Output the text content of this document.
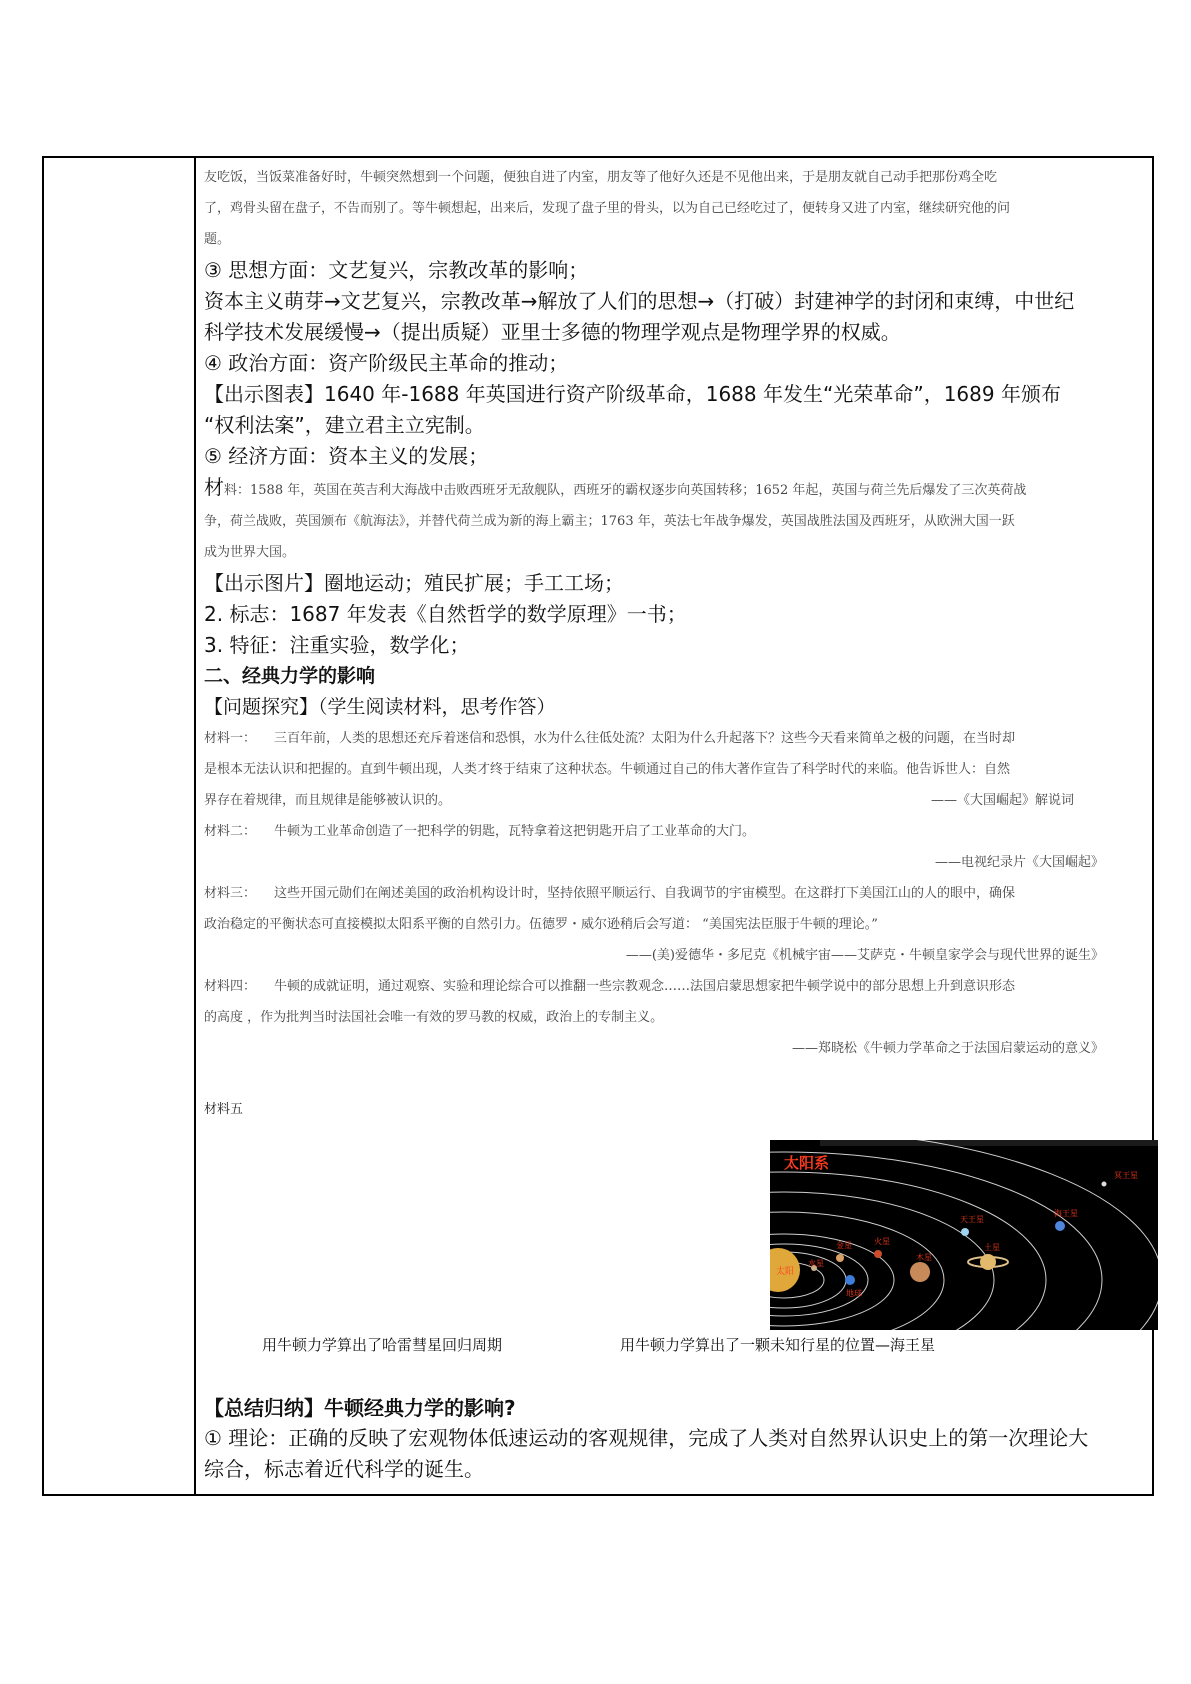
友吃饭，当饭菜准备好时，牛顿突然想到一个问题，便独自进了内室，朋友等了他好久还是不见他出来，于是朋友就自己动手把那份鸡全吃
了，鸡骨头留在盘子，不告而别了。等牛顿想起，出来后，发现了盘子里的骨头，以为自己已经吃过了，便转身又进了内室，继续研究他的问
题。
③ 思想方面：文艺复兴，宗教改革的影响；
资本主义萌芽→文艺复兴，宗教改革→解放了人们的思想→（打破）封建神学的封闭和束缚，中世纪
科学技术发展缓慢→（提出质疑）亚里士多德的物理学观点是物理学界的权威。
④ 政治方面：资产阶级民主革命的推动；
【出示图表】1640 年-1688 年英国进行资产阶级革命，1688 年发生“光荣革命”，1689 年颁布
“权利法案”，建立君主立宪制。
⑤ 经济方面：资本主义的发展；
材料：1588 年，英国在英吉利大海战中击败西班牙无敌舰队，西班牙的霸权逐步向英国转移；1652 年起，英国与荷兰先后爆发了三次英荷战
争，荷兰战败，英国颁布《航海法》，并替代荷兰成为新的海上霸主；1763 年，英法七年战争爆发，英国战胜法国及西班牙，从欧洲大国一跃
成为世界大国。
【出示图片】圈地运动；殖民扩展；手工工场；
2. 标志：1687 年发表《自然哲学的数学原理》一书；
3. 特征：注重实验，数学化；
二、经典力学的影响
【问题探究】（学生阅读材料，思考作答）
材料一： 三百年前，人类的思想还充斥着迷信和恐惧，水为什么往低处流？太阳为什么升起落下？这些今天看来简单之极的问题，在当时却
是根本无法认识和把握的。直到牛顿出现，人类才终于结束了这种状态。牛顿通过自己的伟大著作宣告了科学时代的来临。他告诉世人：自然
界存在着规律，而且规律是能够被认识的。	——《大国崛起》解说词
材料二： 牛顿为工业革命创造了一把科学的钥匙，瓦特拿着这把钥匙开启了工业革命的大门。
——电视纪录片《大国崛起》
材料三： 这些开国元勋们在阐述美国的政治机构设计时，坚持依照平顺运行、自我调节的宇宙模型。在这群打下美国江山的人的眼中，确保
政治稳定的平衡状态可直接模拟太阳系平衡的自然引力。伍德罗・威尔逊稍后会写道： “美国宪法臣服于牛顿的理论。”
——(美)爱德华・多尼克《机械宇宙——艾萨克・牛顿皇家学会与现代世界的诞生》
材料四： 牛顿的成就证明，通过观察、实验和理论综合可以推翻一些宗教观念……法国启蒙思想家把牛顿学说中的部分思想上升到意识形态
的高度 ，作为批判当时法国社会唯一有效的罗马教的权威，政治上的专制主义。
——郑晓松《牛顿力学革命之于法国启蒙运动的意义》
材料五
太阳系
太阳
水星
金星
地球
火星
木星
土星
天王星
海王星
冥王星
用牛顿力学算出了哈雷彗星回归周期	用牛顿力学算出了一颗未知行星的位置—海王星
【总结归纳】牛顿经典力学的影响?
① 理论：正确的反映了宏观物体低速运动的客观规律，完成了人类对自然界认识史上的第一次理论大
综合，标志着近代科学的诞生。
